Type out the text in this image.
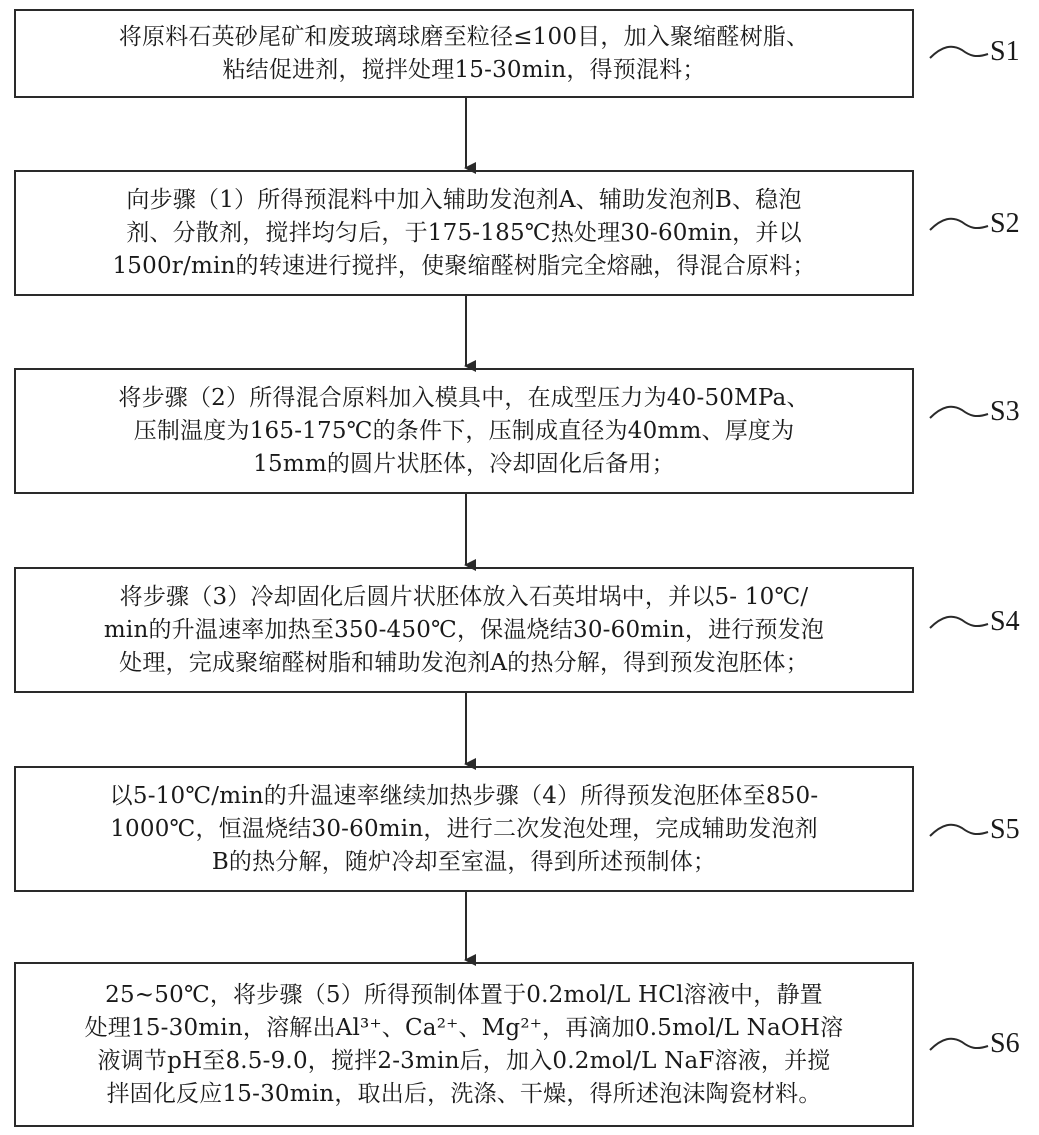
将原料石英砂尾矿和废玻璃球磨至粒径≤100目，加入聚缩醛树脂、
粘结促进剂，搅拌处理15-30min，得预混料；
S1
向步骤（1）所得预混料中加入辅助发泡剂A、辅助发泡剂B、稳泡
剂、分散剂，搅拌均匀后，于175-185℃热处理30-60min，并以
1500r/min的转速进行搅拌，使聚缩醛树脂完全熔融，得混合原料；
S2
将步骤（2）所得混合原料加入模具中，在成型压力为40-50MPa、
压制温度为165-175℃的条件下，压制成直径为40mm、厚度为
15mm的圆片状胚体，冷却固化后备用；
S3
将步骤（3）冷却固化后圆片状胚体放入石英坩埚中，并以5- 10℃/
min的升温速率加热至350-450℃，保温烧结30-60min，进行预发泡
处理，完成聚缩醛树脂和辅助发泡剂A的热分解，得到预发泡胚体；
S4
以5-10℃/min的升温速率继续加热步骤（4）所得预发泡胚体至850-
1000℃，恒温烧结30-60min，进行二次发泡处理，完成辅助发泡剂
B的热分解，随炉冷却至室温，得到所述预制体；
S5
25~50℃，将步骤（5）所得预制体置于0.2mol/L HCl溶液中，静置
处理15-30min，溶解出Al³⁺、Ca²⁺、Mg²⁺，再滴加0.5mol/L NaOH溶
液调节pH至8.5-9.0，搅拌2-3min后，加入0.2mol/L NaF溶液，并搅
拌固化反应15-30min，取出后，洗涤、干燥，得所述泡沫陶瓷材料。
S6
